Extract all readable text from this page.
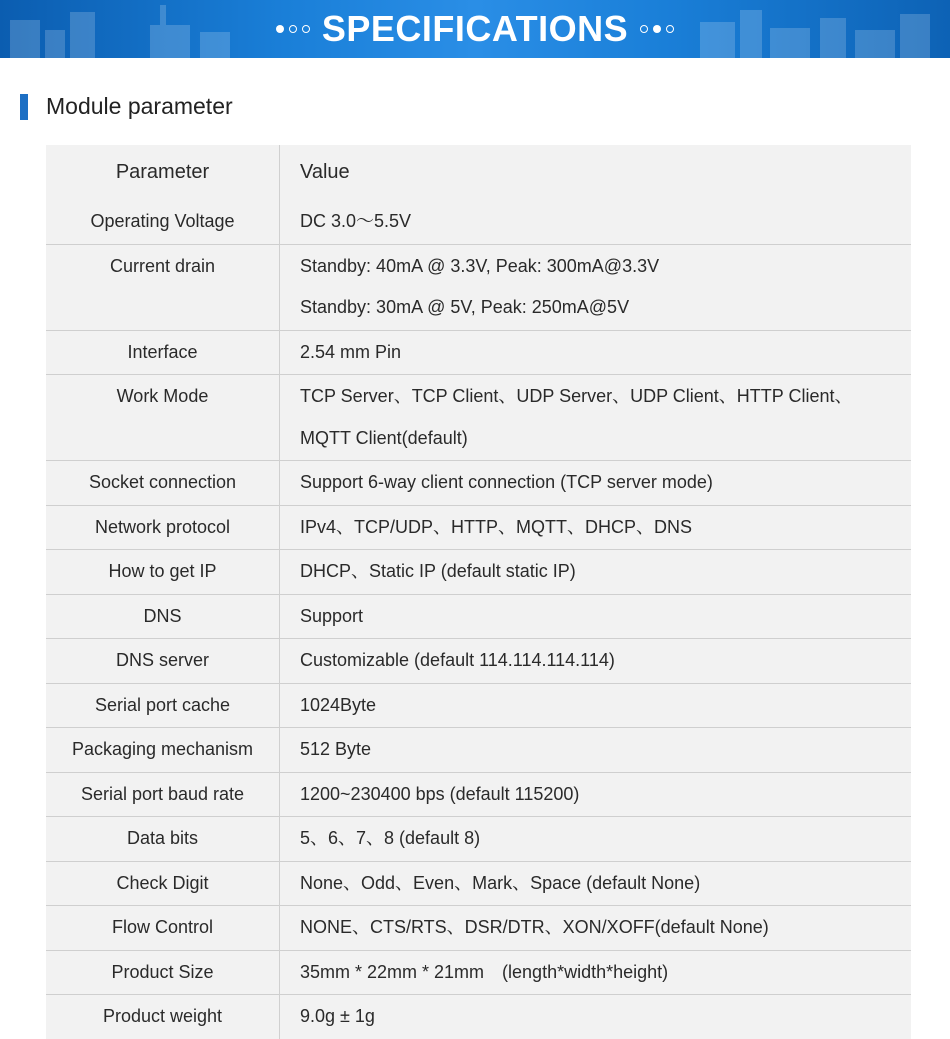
SPECIFICATIONS
Module parameter
Parameter	Value
Operating Voltage	DC 3.0～5.5V

Current drain	Standby: 40mA @ 3.3V, Peak: 300mA@3.3V
Standby: 30mA @ 5V, Peak: 250mA@5V

Interface	2.54 mm Pin

Work Mode	TCP Server、TCP Client、UDP Server、UDP Client、HTTP Client、
MQTT Client(default)

Socket connection	Support 6-way client connection (TCP server mode)

Network protocol	IPv4、TCP/UDP、HTTP、MQTT、DHCP、DNS

How to get IP	DHCP、Static IP (default static IP)

DNS	Support

DNS server	Customizable (default 114.114.114.114)

Serial port cache	1024Byte

Packaging mechanism	512 Byte

Serial port baud rate	1200~230400 bps (default 115200)

Data bits	5、6、7、8 (default 8)

Check Digit	None、Odd、Even、Mark、Space (default None)

Flow Control	NONE、CTS/RTS、DSR/DTR、XON/XOFF(default None)

Product Size	35mm * 22mm * 21mm　(length*width*height)

Product weight	9.0g ± 1g
